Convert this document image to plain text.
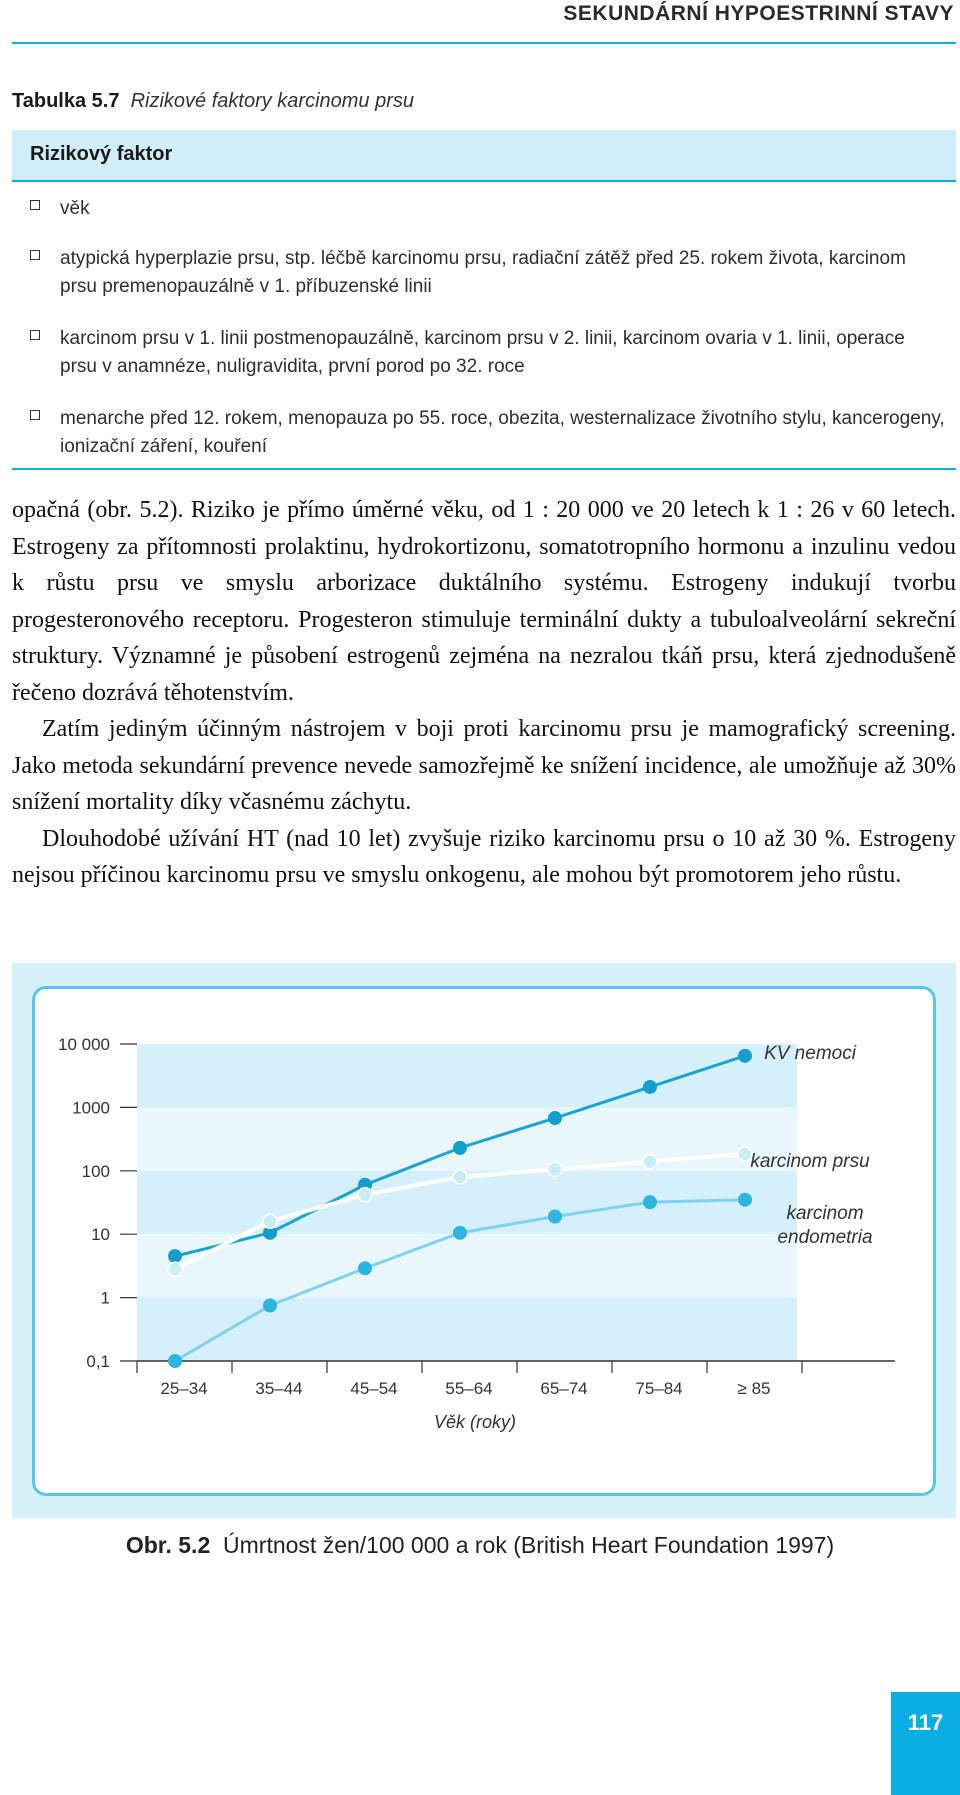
SEKUNDÁRNÍ HYPOESTRINNÍ STAVY
Tabulka 5.7 Rizikové faktory karcinomu prsu
Rizikový faktor
věk
atypická hyperplazie prsu, stp. léčbě karcinomu prsu, radiační zátěž před 25. rokem života, karcinom prsu premenopauzálně v 1. příbuzenské linii
karcinom prsu v 1. linii postmenopauzálně, karcinom prsu v 2. linii, karcinom ovaria v 1. linii, operace prsu v anamnéze, nuligravidita, první porod po 32. roce
menarche před 12. rokem, menopauza po 55. roce, obezita, westernalizace životního stylu, kancerogeny, ionizační záření, kouření

opačná (obr. 5.2). Riziko je přímo úměrné věku, od 1 : 20 000 ve 20 letech k 1 : 26 v 60 letech. Estrogeny za přítomnosti prolaktinu, hydrokortizonu, somatotropního hormonu a inzulinu vedou k růstu prsu ve smyslu arborizace duktálního systému. Estrogeny indukují tvorbu progesteronového receptoru. Progesteron stimuluje terminální dukty a tubuloalveolární sekreční struktury. Významné je působení estrogenů zejména na nezralou tkáň prsu, která zjednodušeně řečeno dozrává těhotenstvím.

Zatím jediným účinným nástrojem v boji proti karcinomu prsu je mamografický screening. Jako metoda sekundární prevence nevede samozřejmě ke snížení incidence, ale umožňuje až 30% snížení mortality díky včasnému záchytu.

Dlouhodobé užívání HT (nad 10 let) zvyšuje riziko karcinomu prsu o 10 až 30 %. Estrogeny nejsou příčinou karcinomu prsu ve smyslu onkogenu, ale mohou být promotorem jeho růstu.

10 000
1000
100
10
1
0,1
25–34	35–44	45–54	55–64	65–74	75–84	≥ 85
Věk (roky)
KV nemoci
karcinom prsu
karcinom
endometria
Obr. 5.2 Úmrtnost žen/100 000 a rok (British Heart Foundation 1997)
117
